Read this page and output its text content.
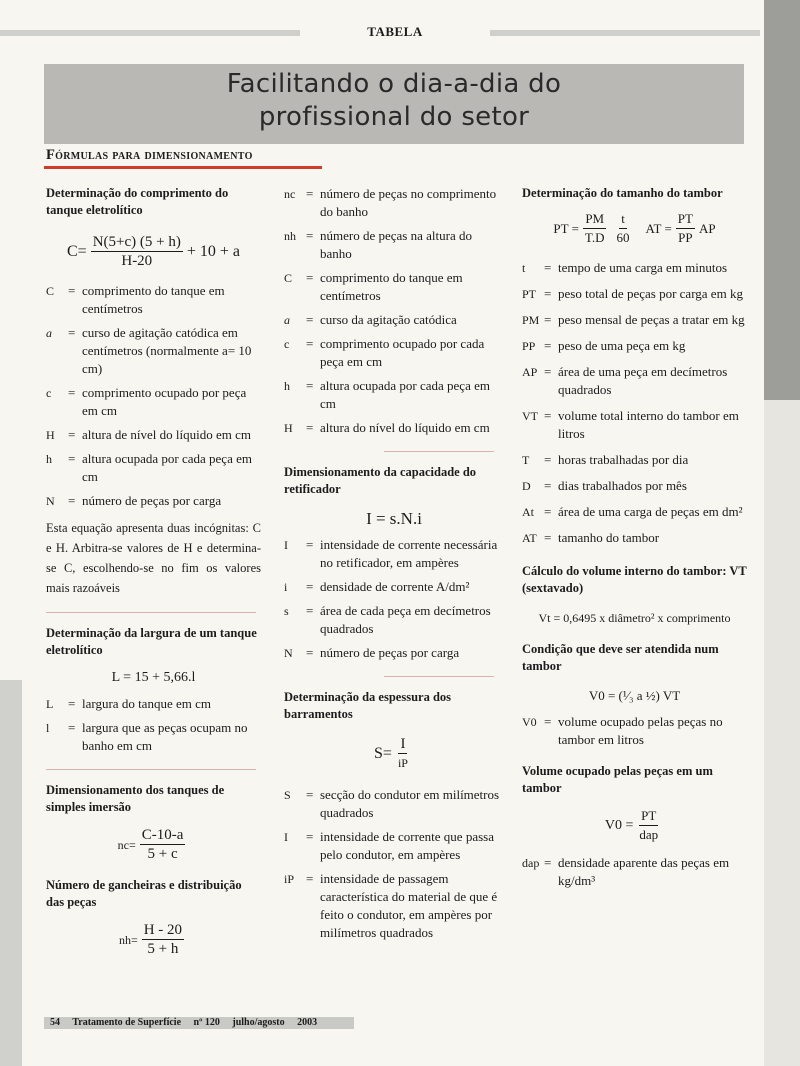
TABELA
Facilitando o dia-a-dia do
profissional do setor
Fórmulas para dimensionamento
Determinação do comprimento do tanque eletrolítico
$C= \frac{N(5+c) (5 + h)}{H-20} + 10 + a$
C	= comprimento do tanque em centímetros
a	= curso de agitação catódica em centímetros (normalmente a= 10 cm)
c	= comprimento ocupado por peça em cm
H	= altura de nível do líquido em cm
h	= altura ocupada por cada peça em cm
N	= número de peças por carga
Esta equação apresenta duas incógnitas: C e H. Arbitra-se valores de H e determina-se C, escolhendo-se no fim os valores mais razoáveis
Determinação da largura de um tanque eletrolítico
L = 15 + 5,66.l
L	= largura do tanque em cm
l	= largura que as peças ocupam no banho em cm
Dimensionamento dos tanques de simples imersão
$nc= \frac{C-10-a}{5 + c}$
Número de gancheiras e distribuição das peças
$nh= \frac{H - 20}{5 + h}$
nc = número de peças no comprimento do banho
nh = número de peças na altura do banho
C	= comprimento do tanque em centímetros
a	= curso da agitação catódica
c	= comprimento ocupado por cada peça em cm
h	= altura ocupada por cada peça em cm
H	= altura do nível do líquido em cm
Dimensionamento da capacidade do retificador
I = s.N.i
I	= intensidade de corrente necessária no retificador, em ampères
i	= densidade de corrente A/dm²
s	= área de cada peça em decímetros quadrados
N	= número de peças por carga
Determinação da espessura dos barramentos
$S= \frac{I}{iP}$
S	= secção do condutor em milímetros quadrados
I	= intensidade de corrente que passa pelo condutor, em ampères
iP = intensidade de passagem característica do material de que é feito o condutor, em ampères por milímetros quadrados
Determinação do tamanho do tambor
PT = $\frac{PM}{T.D} \frac{t}{60}$ AT = $\frac{PT}{PP}$ AP
t	= tempo de uma carga em minutos
PT = peso total de peças por carga em kg
PM = peso mensal de peças a tratar em kg
PP = peso de uma peça em kg
AP = área de uma peça em decímetros quadrados
VT = volume total interno do tambor em litros
T	= horas trabalhadas por dia
D	= dias trabalhados por mês
At = área de uma carga de peças em dm²
AT = tamanho do tambor
Cálculo do volume interno do tambor: VT (sextavado)
Vt = 0,6495 x diâmetro² x comprimento
Condição que deve ser atendida num tambor
V0 = (¹⁄₃ a ½) VT
V0 = volume ocupado pelas peças no tambor em litros
Volume ocupado pelas peças em um tambor
$V0 = \frac{PT}{\text{dap}}$
dap = densidade aparente das peças em kg/dm³
54 Tratamento de Superfície nº 120 julho/agosto 2003
